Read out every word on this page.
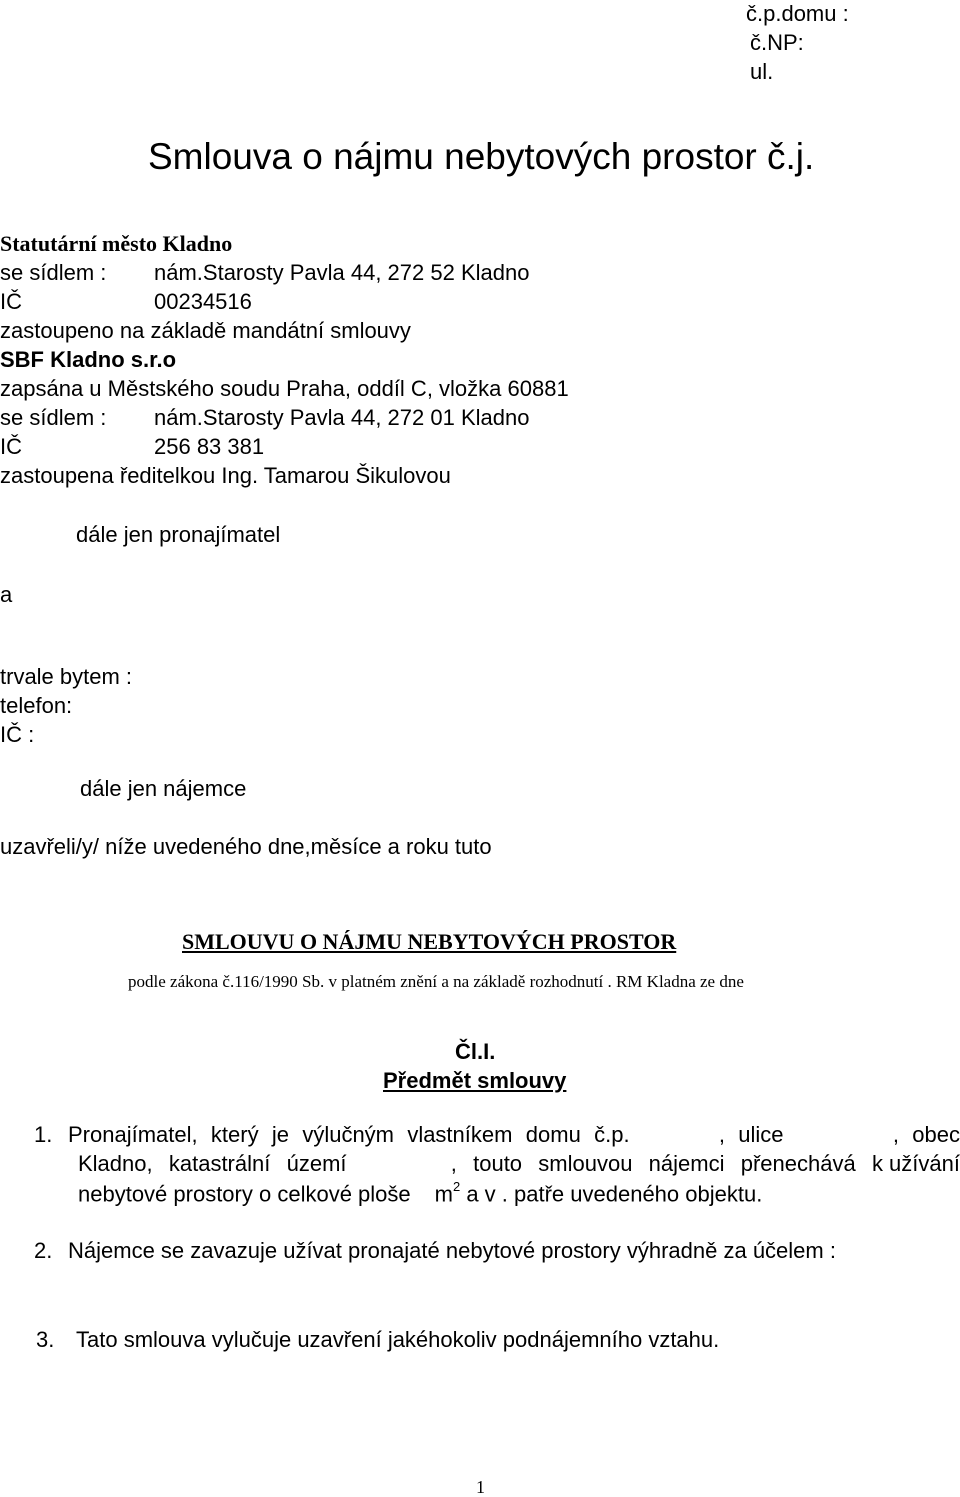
č.p.domu :
č.NP:
ul.
Smlouva o nájmu nebytových prostor č.j.
Statutární město Kladno
se sídlem : nám.Starosty Pavla 44, 272 52 Kladno
IČ	00234516
zastoupeno na základě mandátní smlouvy
SBF Kladno s.r.o
zapsána u Městského soudu Praha, oddíl C, vložka 60881
se sídlem : nám.Starosty Pavla 44, 272 01 Kladno
IČ	256 83 381
zastoupena ředitelkou Ing. Tamarou Šikulovou
dále jen pronajímatel
a
trvale bytem :
telefon:
IČ :
dále jen nájemce
uzavřeli/y/ níže uvedeného dne,měsíce a roku tuto
SMLOUVU O NÁJMU NEBYTOVÝCH PROSTOR
podle zákona č.116/1990 Sb. v platném znění a na základě rozhodnutí . RM Kladna ze dne
Čl.I.
Předmět smlouvy
1. Pronajímatel, který je výlučným vlastníkem domu č.p.	, ulice	, obec
Kladno, katastrální území	, touto smlouvou nájemci přenechává k užívání
nebytové prostory o celkové ploše $m^2$ a v . patře uvedeného objektu.
2. Nájemce se zavazuje užívat pronajaté nebytové prostory výhradně za účelem :
3. Tato smlouva vylučuje uzavření jakéhokoliv podnájemního vztahu.
1
